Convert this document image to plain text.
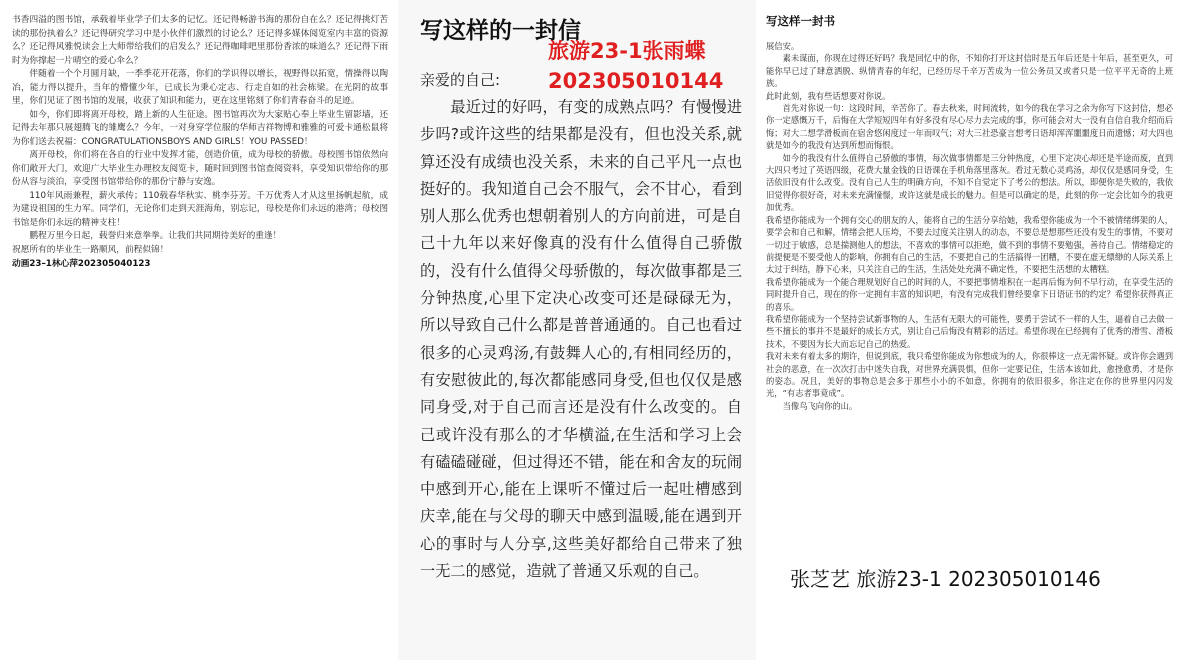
书香四溢的图书馆，承载着毕业学子们太多的记忆。还记得畅游书海的那份自在么？还记得挑灯苦读的那份执着么？还记得研究学习中是小伙伴们激烈的讨论么？还记得多媒体阅览室内丰富的资源么？还记得风雅悦读会上大师带给我们的启发么？还记得咖啡吧里那份香浓的味道么？还记得下雨时为你撑起一片晴空的爱心伞么？

伴随着一个个月圆月缺，一季季花开花落，你们的学识得以增长，视野得以拓宽，情操得以陶冶，能力得以提升，当年的懵懂少年，已成长为秉心定志、行走自如的社会栋梁。在光阴的故事里，你们见证了图书馆的发展，收获了知识和能力，更在这里铭刻了你们青春奋斗的足迹。

如今，你们即将离开母校，踏上新的人生征途。图书馆再次为大家贴心奉上毕业生留影墙，还记得去年那只展翅腾飞的雏鹰么？今年，一对身穿学位服的华师吉祥物博和雅雅的可爱卡通松鼠将为你们送去祝福：CONGRATULATIONSBOYS AND GIRLS！YOU PASSED！

离开母校，你们将在各自的行业中发挥才能，创造价值，成为母校的骄傲。母校图书馆依然向你们敞开大门，欢迎广大毕业生办理校友阅览卡，随时回到图书馆查阅资料，享受知识带给你的那份从容与淡泊，享受图书馆带给你的那份宁静与安逸。

110年风雨兼程，薪火承传；110载春华秋实、桃李芬芳。千万优秀人才从这里扬帆起航，成为建设祖国的生力军。同学们，无论你们走到天涯海角，别忘记，母校是你们永远的港湾；母校图书馆是你们永远的精神支柱！

鹏程万里今日起，载誉归来意拳拳。让我们共同期待美好的重逢！

祝愿所有的毕业生一路顺风，前程似锦！

动画23–1林心萍202305040123
写这样的一封信
旅游23-1张雨蝶
202305010144
亲爱的自己:

最近过的好吗，有变的成熟点吗？有慢慢进步吗?或许这些的结果都是没有，但也没关系,就算还没有成绩也没关系，未来的自己平凡一点也挺好的。我知道自己会不服气，会不甘心，看到别人那么优秀也想朝着别人的方向前进，可是自己十九年以来好像真的没有什么值得自己骄傲的，没有什么值得父母骄傲的，每次做事都是三分钟热度,心里下定决心改变可还是碌碌无为，所以导致自己什么都是普普通通的。自己也看过很多的心灵鸡汤,有鼓舞人心的,有相同经历的，有安慰彼此的,每次都能感同身受,但也仅仅是感同身受,对于自己而言还是没有什么改变的。自己或许没有那么的才华横溢,在生活和学习上会有磕磕碰碰，但过得还不错，能在和舍友的玩闹中感到开心,能在上课听不懂过后一起吐槽感到庆幸,能在与父母的聊天中感到温暖,能在遇到开心的事时与人分享,这些美好都给自己带来了独一无二的感觉，造就了普通又乐观的自己。

写这样一封书

展信安。

素未谋面，你现在过得还好吗？我是回忆中的你，不知你打开这封信时是五年后还是十年后，甚至更久，可能你早已过了肆意洒脱、纵情青春的年纪，已经历尽千辛万苦成为一位公务员又或者只是一位平平无奇的上班族。

此时此刻，我有些话想要对你说。

首先对你说一句：这段时间，辛苦你了。春去秋来，时间流转，如今的我在学习之余为你写下这封信，想必你一定感慨万千，后悔在大学短短四年有好多没有尽心尽力去完成的事，你可能会对大一没有自信自我介绍而后悔；对大二想学滑板而在宿舍悠闲度过一年而叹气；对大三社恐豪言想考日语却浑浑噩噩度日而遗憾；对大四也就是如今的我没有达到所想而悔恨。

如今的我没有什么值得自己骄傲的事情，每次做事情都是三分钟热度，心里下定决心却还是半途而废，直到大四只考过了英语四级，花费大量金钱的日语课在手机角落里落灰。看过无数心灵鸡汤，却仅仅是感同身受，生活依旧没有什么改变。没有自己人生的明确方向，不知不自觉定下了考公的想法。所以，即便你是失败的，我依旧觉得你很好奇，对未来充满憧憬，或许这就是成长的魅力。但是可以确定的是，此刻的你一定会比如今的我更加优秀。

我希望你能成为一个拥有交心的朋友的人，能将自己的生活分享给她，我希望你能成为一个不被情绪绑架的人，要学会和自己和解，情绪会把人压垮，不要去过度关注别人的动态，不要总是想那些还没有发生的事情，不要对一切过于敏感，总是揣测他人的想法，不喜欢的事情可以拒绝，做不到的事情不要勉强，善待自己。情绪稳定的前提便是不要受他人的影响，你拥有自己的生活，不要把自己的生活搞得一团糟，不要在虚无缥缈的人际关系上太过于纠结，静下心来，只关注自己的生活，生活处处充满不确定性，不要把生活想的太糟糕。

我希望你能成为一个能合理规划好自己的时间的人，不要把事情堆积在一起再后悔为何不早行动，在享受生活的同时提升自己，现在的你一定拥有丰富的知识吧，有没有完成我们曾经要拿下日语证书的约定？希望你获得真正的喜乐。

我希望你能成为一个坚持尝试新事物的人，生活有无限大的可能性，要勇于尝试不一样的人生，逼着自己去做一些不擅长的事并不是最好的成长方式，别让自己后悔没有精彩的活过。希望你现在已经拥有了优秀的滑雪、滑板技术，不要因为长大而忘记自己的热爱。

我对未来有着太多的期许，但说到底，我只希望你能成为你想成为的人，你很棒这一点无需怀疑。或许你会遇到社会的恶意，在一次次打击中迷失自我，对世界充满畏惧，但你一定要记住，生活本该如此，愈挫愈勇，才是你的姿态。况且，美好的事物总是会多于那些小小的不如意，你拥有的依旧很多，你注定在你的世界里闪闪发光，“有志者事竟成”。

当像鸟飞向你的山。

张芝艺 旅游23-1 202305010146
